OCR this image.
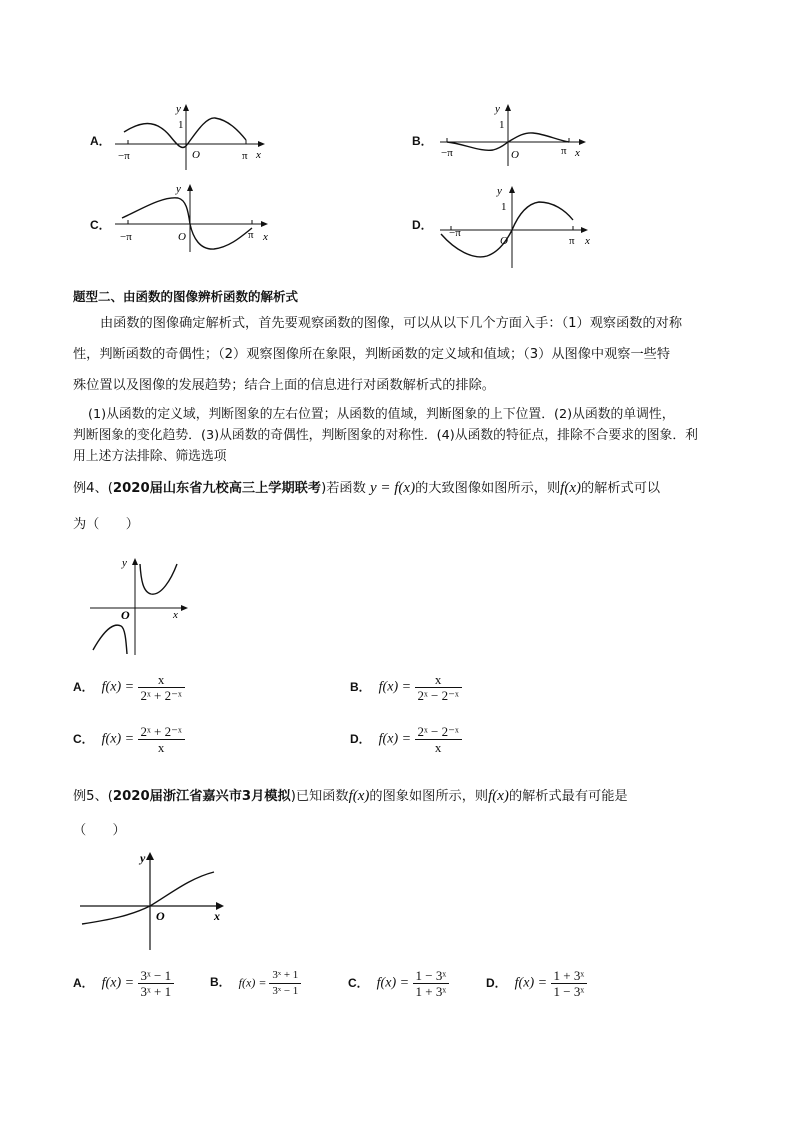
A．
−π	π
O	x
y
1
B．
−π	π
O	x
y
1
C．
−π	π
O	x
y
D．
−π
π
O	x
y
1
题型二、由函数的图像辨析函数的解析式
由函数的图像确定解析式，首先要观察函数的图像，可以从以下几个方面入手：（1）观察函数的对称
性，判断函数的奇偶性；（2）观察图像所在象限，判断函数的定义域和值域；（3）从图像中观察一些特
殊位置以及图像的发展趋势；结合上面的信息进行对函数解析式的排除。
(1)从函数的定义域，判断图象的左右位置；从函数的值域，判断图象的上下位置．(2)从函数的单调性，
判断图象的变化趋势．(3)从函数的奇偶性，判断图象的对称性．(4)从函数的特征点，排除不合要求的图象．利
用上述方法排除、筛选选项
例4、(2020届山东省九校高三上学期联考)若函数 y = f(x)的大致图像如图所示，则f(x)的解析式可以
为（　　）
O	x
y
A． $f(x) = \frac{x}{\text{2ˣ + 2⁻ˣ}}$	B． $f(x) = \frac{x}{\text{2ˣ − 2⁻ˣ}}$
C． $f(x) = \frac{\text{2ˣ + 2⁻ˣ}}{x}$	D． $f(x) = \frac{\text{2ˣ − 2⁻ˣ}}{x}$
例5、(2020届浙江省嘉兴市3月模拟)已知函数f(x)的图象如图所示，则f(x)的解析式最有可能是
（　　）
O	x
y
A． $f(x) = \frac{\text{3ˣ − 1}}{\text{3ˣ + 1}}$	B． $f(x) = \frac{\text{3ˣ + 1}}{\text{3ˣ − 1}}$	C． $f(x) = \frac{\text{1 − 3ˣ}}{\text{1 + 3ˣ}}$	D． $f(x) = \frac{\text{1 + 3ˣ}}{\text{1 − 3ˣ}}$
